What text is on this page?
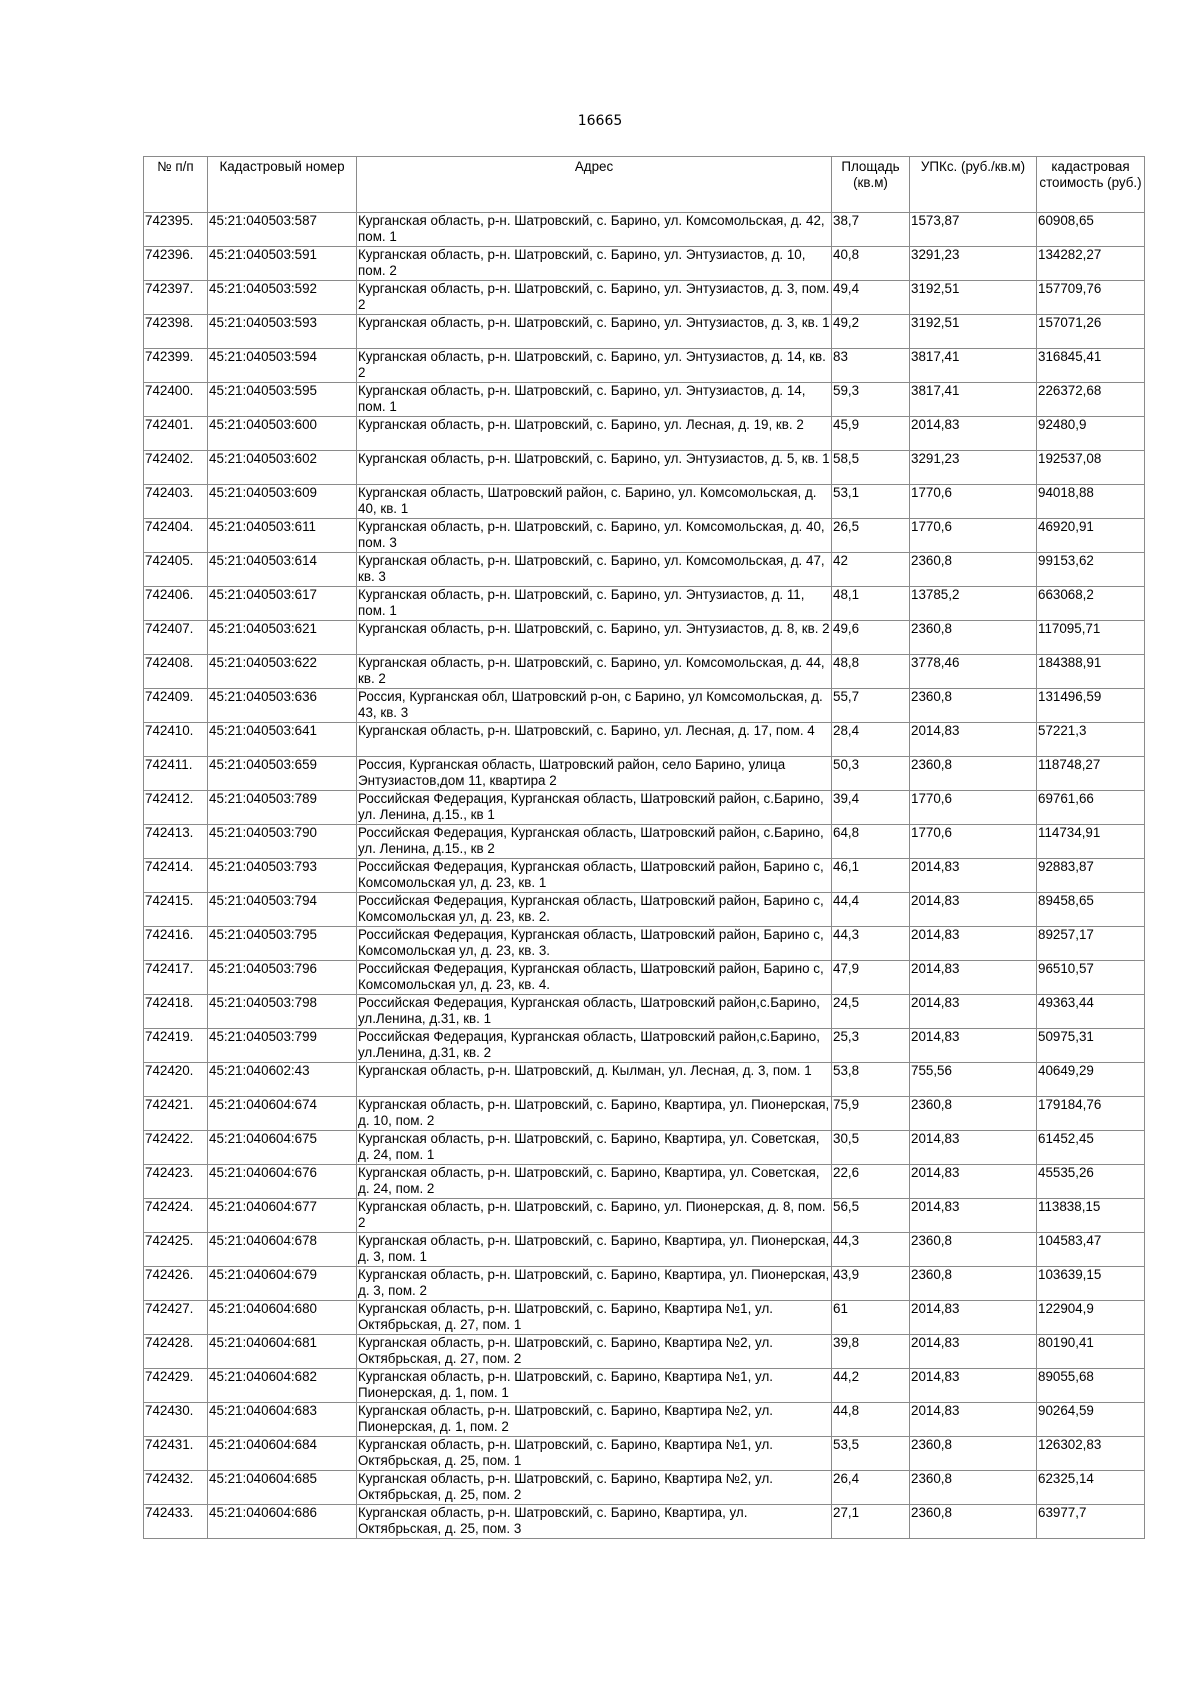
16665
№ п/п	Кадастровый номер	Адрес	Площадь (кв.м)	УПКс. (руб./кв.м)	кадастровая стоимость (руб.)
742395.	45:21:040503:587	Курганская область, р-н. Шатровский, с. Барино, ул. Комсомольская, д. 42, пом. 1	38,7	1573,87	60908,65
742396.	45:21:040503:591	Курганская область, р-н. Шатровский, с. Барино, ул. Энтузиастов, д. 10, пом. 2	40,8	3291,23	134282,27
742397.	45:21:040503:592	Курганская область, р-н. Шатровский, с. Барино, ул. Энтузиастов, д. 3, пом. 2	49,4	3192,51	157709,76
742398.	45:21:040503:593	Курганская область, р-н. Шатровский, с. Барино, ул. Энтузиастов, д. 3, кв. 1	49,2	3192,51	157071,26
742399.	45:21:040503:594	Курганская область, р-н. Шатровский, с. Барино, ул. Энтузиастов, д. 14, кв. 2	83	3817,41	316845,41
742400.	45:21:040503:595	Курганская область, р-н. Шатровский, с. Барино, ул. Энтузиастов, д. 14, пом. 1	59,3	3817,41	226372,68
742401.	45:21:040503:600	Курганская область, р-н. Шатровский, с. Барино, ул. Лесная, д. 19, кв. 2	45,9	2014,83	92480,9
742402.	45:21:040503:602	Курганская область, р-н. Шатровский, с. Барино, ул. Энтузиастов, д. 5, кв. 1	58,5	3291,23	192537,08
742403.	45:21:040503:609	Курганская область, Шатровский район, с. Барино, ул. Комсомольская, д. 40, кв. 1	53,1	1770,6	94018,88
742404.	45:21:040503:611	Курганская область, р-н. Шатровский, с. Барино, ул. Комсомольская, д. 40, пом. 3	26,5	1770,6	46920,91
742405.	45:21:040503:614	Курганская область, р-н. Шатровский, с. Барино, ул. Комсомольская, д. 47, кв. 3	42	2360,8	99153,62
742406.	45:21:040503:617	Курганская область, р-н. Шатровский, с. Барино, ул. Энтузиастов, д. 11, пом. 1	48,1	13785,2	663068,2
742407.	45:21:040503:621	Курганская область, р-н. Шатровский, с. Барино, ул. Энтузиастов, д. 8, кв. 2	49,6	2360,8	117095,71
742408.	45:21:040503:622	Курганская область, р-н. Шатровский, с. Барино, ул. Комсомольская, д. 44, кв. 2	48,8	3778,46	184388,91
742409.	45:21:040503:636	Россия, Курганская обл, Шатровский р-он, с Барино, ул Комсомольская, д. 43, кв. 3	55,7	2360,8	131496,59
742410.	45:21:040503:641	Курганская область, р-н. Шатровский, с. Барино, ул. Лесная, д. 17, пом. 4	28,4	2014,83	57221,3
742411.	45:21:040503:659	Россия, Курганская область, Шатровский район, село Барино, улица Энтузиастов,дом 11, квартира 2	50,3	2360,8	118748,27
742412.	45:21:040503:789	Российская Федерация, Курганская область, Шатровский район, с.Барино, ул. Ленина, д.15., кв 1	39,4	1770,6	69761,66
742413.	45:21:040503:790	Российская Федерация, Курганская область, Шатровский район, с.Барино, ул. Ленина, д.15., кв 2	64,8	1770,6	114734,91
742414.	45:21:040503:793	Российская Федерация, Курганская область, Шатровский район, Барино с, Комсомольская ул, д. 23, кв. 1	46,1	2014,83	92883,87
742415.	45:21:040503:794	Российская Федерация, Курганская область, Шатровский район, Барино с, Комсомольская ул, д. 23, кв. 2.	44,4	2014,83	89458,65
742416.	45:21:040503:795	Российская Федерация, Курганская область, Шатровский район, Барино с, Комсомольская ул, д. 23, кв. 3.	44,3	2014,83	89257,17
742417.	45:21:040503:796	Российская Федерация, Курганская область, Шатровский район, Барино с, Комсомольская ул, д. 23, кв. 4.	47,9	2014,83	96510,57
742418.	45:21:040503:798	Российская Федерация, Курганская область, Шатровский район,с.Барино, ул.Ленина, д.31, кв. 1	24,5	2014,83	49363,44
742419.	45:21:040503:799	Российская Федерация, Курганская область, Шатровский район,с.Барино, ул.Ленина, д.31, кв. 2	25,3	2014,83	50975,31
742420.	45:21:040602:43	Курганская область, р-н. Шатровский, д. Кылман, ул. Лесная, д. 3, пом. 1	53,8	755,56	40649,29
742421.	45:21:040604:674	Курганская область, р-н. Шатровский, с. Барино, Квартира, ул. Пионерская, д. 10, пом. 2	75,9	2360,8	179184,76
742422.	45:21:040604:675	Курганская область, р-н. Шатровский, с. Барино, Квартира, ул. Советская, д. 24, пом. 1	30,5	2014,83	61452,45
742423.	45:21:040604:676	Курганская область, р-н. Шатровский, с. Барино, Квартира, ул. Советская, д. 24, пом. 2	22,6	2014,83	45535,26
742424.	45:21:040604:677	Курганская область, р-н. Шатровский, с. Барино, ул. Пионерская, д. 8, пом. 2	56,5	2014,83	113838,15
742425.	45:21:040604:678	Курганская область, р-н. Шатровский, с. Барино, Квартира, ул. Пионерская, д. 3, пом. 1	44,3	2360,8	104583,47
742426.	45:21:040604:679	Курганская область, р-н. Шатровский, с. Барино, Квартира, ул. Пионерская, д. 3, пом. 2	43,9	2360,8	103639,15
742427.	45:21:040604:680	Курганская область, р-н. Шатровский, с. Барино, Квартира №1, ул. Октябрьская, д. 27, пом. 1	61	2014,83	122904,9
742428.	45:21:040604:681	Курганская область, р-н. Шатровский, с. Барино, Квартира №2, ул. Октябрьская, д. 27, пом. 2	39,8	2014,83	80190,41
742429.	45:21:040604:682	Курганская область, р-н. Шатровский, с. Барино, Квартира №1, ул. Пионерская, д. 1, пом. 1	44,2	2014,83	89055,68
742430.	45:21:040604:683	Курганская область, р-н. Шатровский, с. Барино, Квартира №2, ул. Пионерская, д. 1, пом. 2	44,8	2014,83	90264,59
742431.	45:21:040604:684	Курганская область, р-н. Шатровский, с. Барино, Квартира №1, ул. Октябрьская, д. 25, пом. 1	53,5	2360,8	126302,83
742432.	45:21:040604:685	Курганская область, р-н. Шатровский, с. Барино, Квартира №2, ул. Октябрьская, д. 25, пом. 2	26,4	2360,8	62325,14
742433.	45:21:040604:686	Курганская область, р-н. Шатровский, с. Барино, Квартира, ул. Октябрьская, д. 25, пом. 3	27,1	2360,8	63977,7
